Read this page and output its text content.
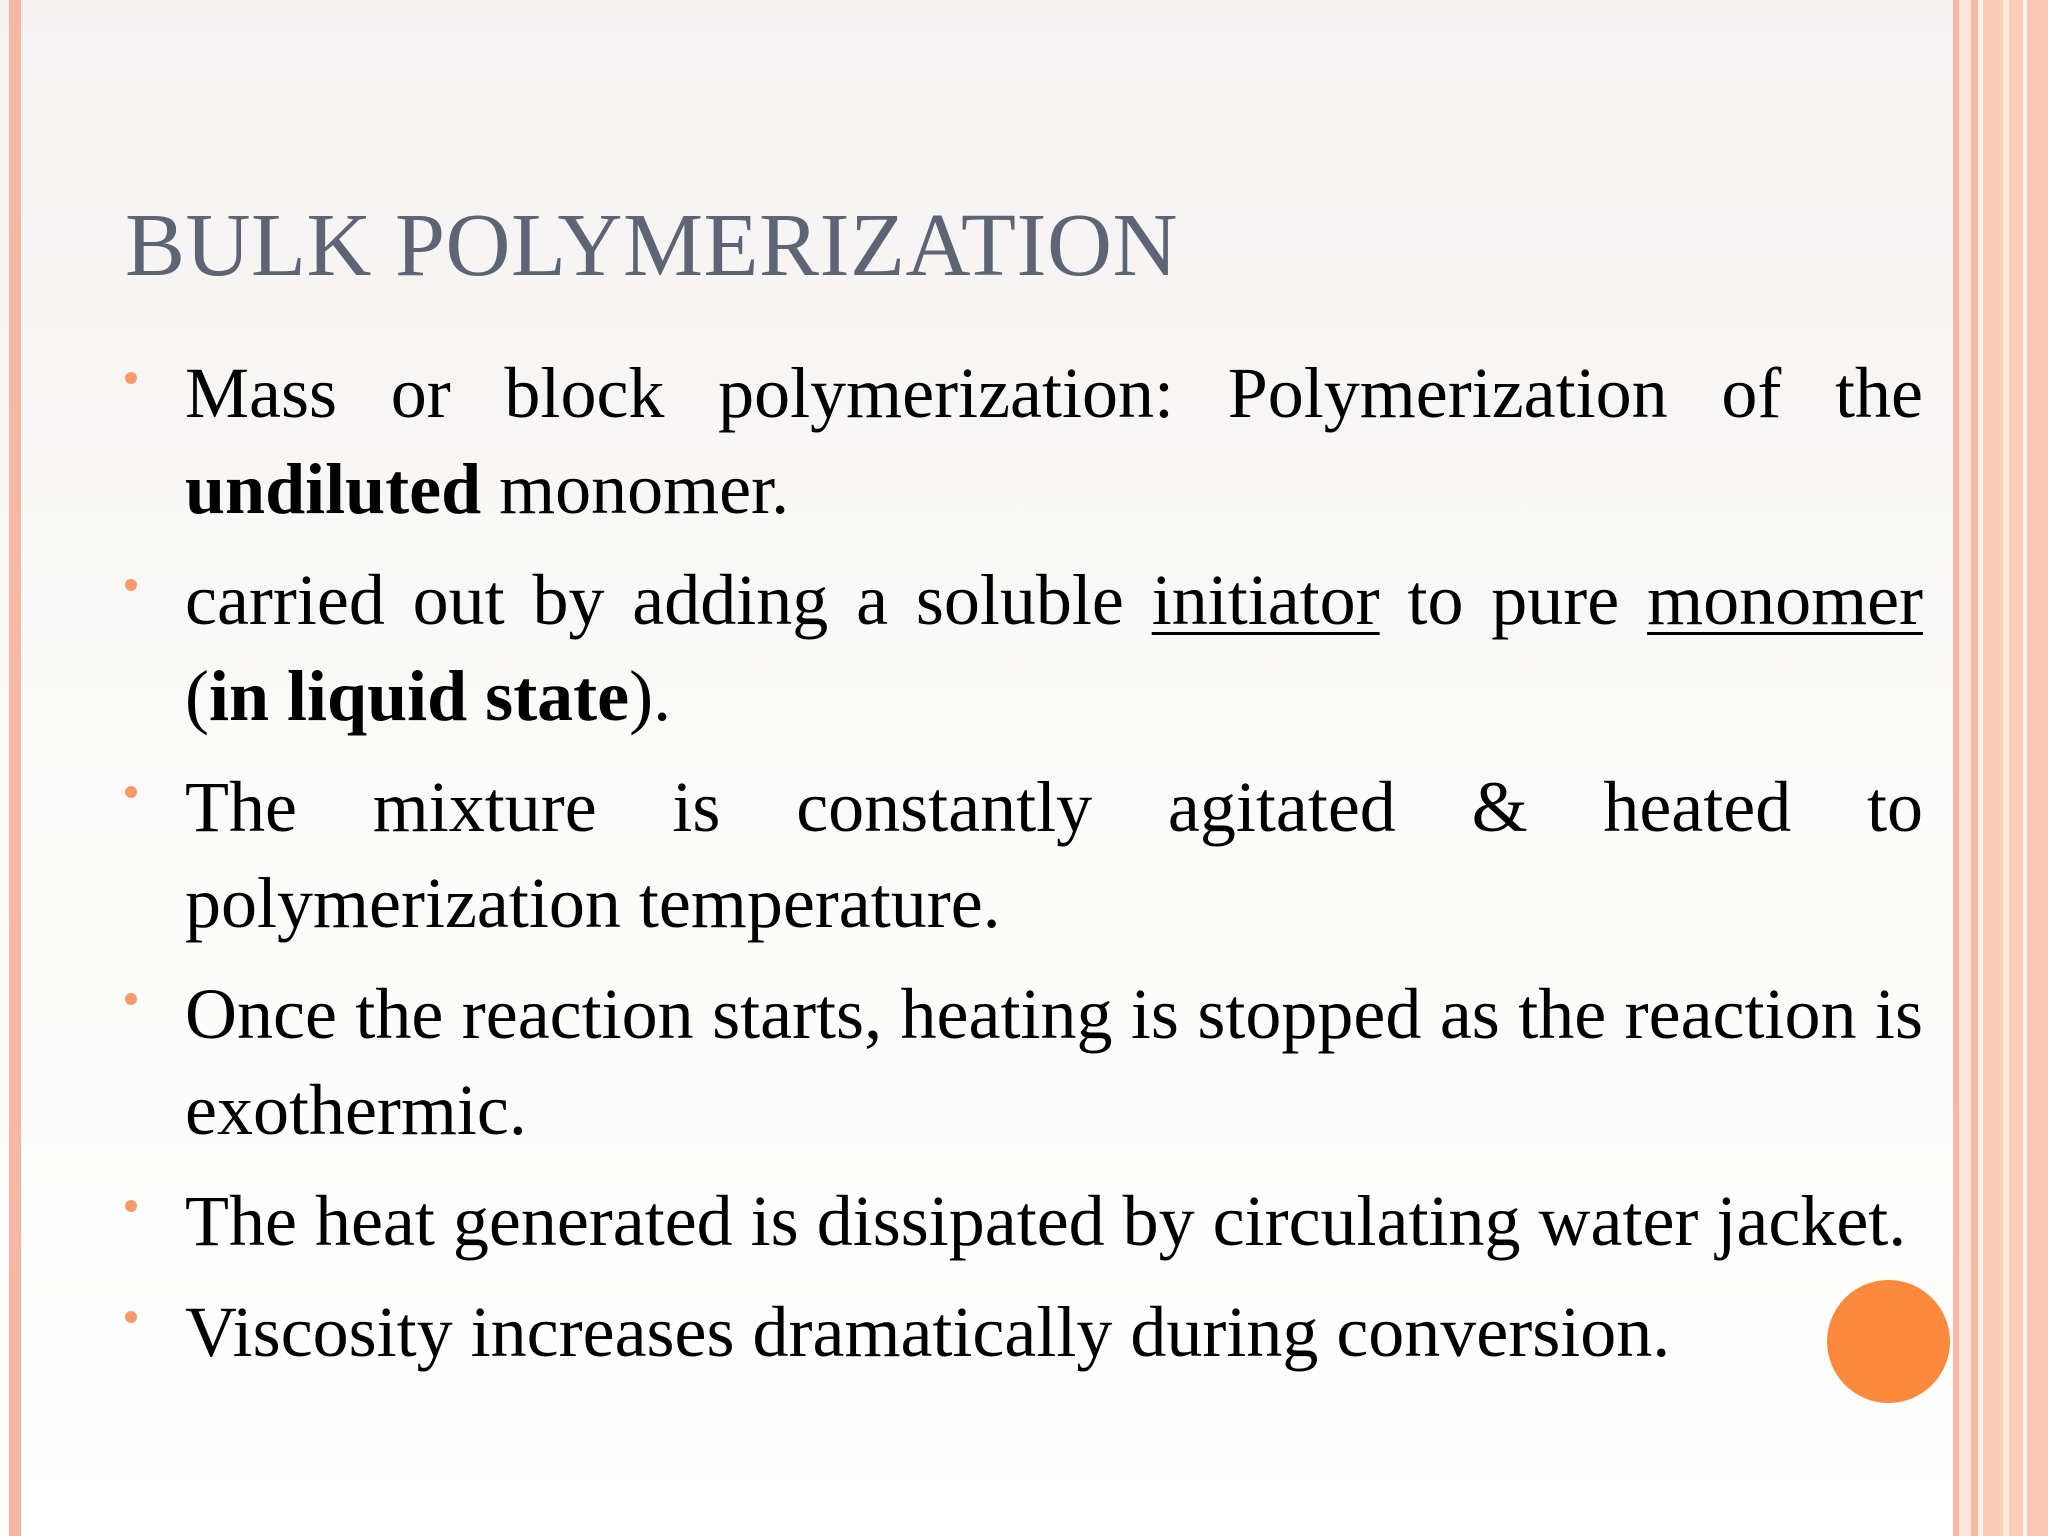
BULK POLYMERIZATION
Mass or block polymerization: Polymerization of the undiluted monomer.
carried out by adding a soluble initiator to pure monomer (in liquid state).
The mixture is constantly agitated & heated to polymerization temperature.
Once the reaction starts, heating is stopped as the reaction is exothermic.
The heat generated is dissipated by circulating water jacket.
Viscosity increases dramatically during conversion.
